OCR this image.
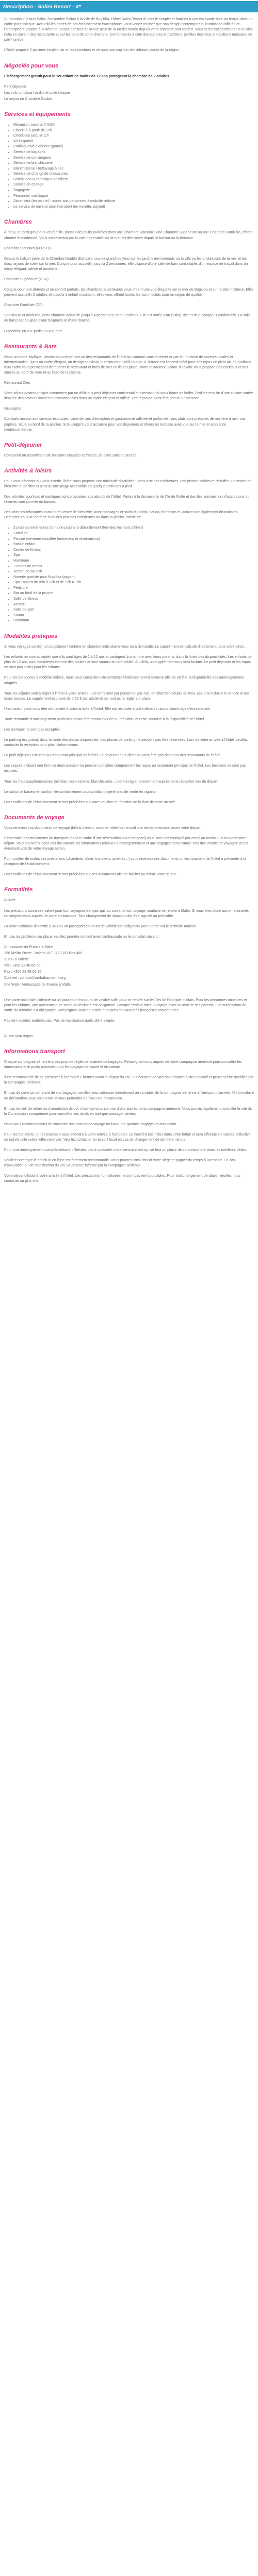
Description - Salini Resort - 4*

Surplombant le lacs Salini, l'ensemble Salina à la ville de Bugibba, l'hôtel Salini Resort 4* tient le couplet et familles à une escapade hors du temps dans un cadre paradisiaque. Accueilli les portes de cet établissement francophone, vous venez réaliser que son design contemporain, l'ambiance raffinée et l'atmosphère propice à la détente. Venez admirez de la vue azur de la Méditerranée depuis votre chambre tout confort. Vous serez enchantés par la cuisine riche en saveur des restaurants et par les bars de votre chambre. Confondez-la à coté des cultures et traditions, profitez des lieux et traditions maltaises de part-humide.

L'hôtel propose 2 piscines en plein air et les chambres et ne sont pas trop loin des infrastructures de la région.

Négociés pour vous

L'hébergement gratuit pour le 1er enfant de moins de 12 ans partageant la chambre de 2 adultes

Petit déjeuner

Les vols ou départ tardifs et suite chaque

Le séjour en Chambre Double

Services et équipements
• Réception ouverte 24h/24
• Check-in à partir de 15h
• Check-out jusqu'à 11h
• Wi-Fi gratuit
• Parking privé extérieur (gratuit)
• Service de bagages
• Service de conciergerie
• Service de blanchisserie
• Blanchisserie / nettoyage à sec
• Service de change de chaussures
• Distribution automatique de billets
• Service de change
• Bagagerie
• Personnel multilingue
• Ascenseur (en panne) - accès aux personnes à mobilité réduite
• Le service de navette pour l'aéroport (en navette, payant)
Chambres

À deux, en petit groupe ou en famille, passez des nuits paisibles dans une Chambre Standard, une Chambre Supérieure ou une Chambre Familiale, offrant charme et modernité. Vous serez séduit par la vue imprenable sur la mer Méditerranée depuis le balcon ou la terrasse.

Chambre Standard (FO-STD)

Depuis le balcon privé de la Chambre Double Standard, ouvrez grand les yeux sur les jardins environnants ou la ville ou les ondulations de la mer et les doux rayons de soleil sur la mer. Conçue pour accueillir jusqu'à 2 personnes, elle dispose d'une salle de bain confortable, d'un espace de travail dans un décor élégant, raffiné et moderne.

Chambre Supérieure (CSK)

Conçue pour une détente et un confort parfaits, les chambres Supérieures vous offrent une vue élégante sur la mer de Bugibba et sur la côte maltaise. Elles peuvent accueillir 2 adultes et jusqu'à 1 enfant maximum, elles vous offrent toutes les commodités pour un séjour de qualité.

Chambre Familiale (CF)

Spacieuse et moderne, cette chambre accueille jusqu'à 4 personnes, dont 2 enfants. Elle est dotée d'un lit king-size et d'un canapé-lit confortable. La salle de bains est équipée d'une baignoire et d'une douche.

Disponible en vue jardin ou vue mer.

Restaurants & Bars

Dans un cadre idyllique, laissez-vous tenter par un des restaurants de l'hôtel qui sauront vous émerveiller par leur cuisine de saveurs locales et internationales. Dans un cadre élégant, au design convivial, le restaurant Kaldi Lounge & Terrace est l'endroit idéal pour des repas en plein air, en profitant d'un cadre vous permettant d'emporter le restaurant et fruits de mer en lieu et place. Notre restaurant Gelato 'Il Tavolo' vous propose des cocktails et des snacks au bord de l'eau et au bord de la piscine.

Restaurant Cleo

Votre séjour gastronomique commence par un délicieux petit déjeuner continental et international sous forme de buffet. Profitez ensuite d'une cuisine variée inspirée des saveurs locales et internationales dans un cadre élégant et raffiné. Les repas peuvent être pris sur la terrasse.

Giuseppi's

Cocktails maison aux saveurs exotiques, carte de vins d'exception et gastronomie raffinée et parfumée : nos plats sont préparés de manière à ravir vos papilles. Situé au bord de la piscine, le Giuseppi's vous accueille pour vos déjeuners et dîners en terrasse avec vue sur la mer et ambiance méditerranéenne.

Petit-déjeuner

Comprend un assortiment de boissons chaudes et froides, de plats salés et sucrés.

Activités & loisirs

Pour vous détendre ou vous divertir, l'hôtel vous propose une multitude d'activités : deux piscines extérieures, une piscine intérieure chauffée, un centre de bien-être et de fitness ainsi qu'une plage accessible en quelques minutes à pied.

Des activités sportives et nautiques sont proposées aux abords de l'hôtel. Partez à la découverte de l'île de Malte et des îles voisines lors d'excursions ou réservez une journée en bateau.

Des séances relaxantes dans notre centre de bien-être, avec massages et soins du corps, sauna, hammam et jacuzzi sont également disponibles. Détendez-vous au bord de l'une des piscines extérieures ou dans la piscine intérieure.

• 2 piscines extérieures dont une piscine à débordement (fermées les mois d'hiver)
• Solarium
• Piscine intérieure chauffée (entretiens et réservations)
• Bassin enfant
• Centre de fitness
• Spa
• Hammam
• 2 courts de tennis
• Terrain de squash
• Navette gratuite pour Bugibba (payant)
• Spa : ouvert de 09h à 12h et de 17h à 19h
• Pédicure
• Bar au bord de la piscine
• Salle de fitness
• Jacuzzi
• Salle de gym
• Sauna
• Hammam
Modalités pratiques

Si vous voyagez seul(e), un supplément tarifaire en chambre individuelle vous sera demandé. Le supplément est calculé directement dans votre devis.

Les enfants ne sont acceptés que s'ils sont âgés de 2 à 12 ans et partagent la chambre avec leurs parents, dans la limite des disponibilités. Les enfants de plus de 12 ans sont considérés comme des adultes et sont soumis au tarif adulte. Au-delà, un supplément vous sera facturé. Le petit déjeuner et les repas ne sont pas inclus pour les enfants.

Pour les personnes à mobilité réduite, nous vous conseillons de contacter l'établissement à l'avance afin de vérifier la disponibilité des aménagements adaptés.

Tous les séjours sont à régler à l'hôtel à votre arrivée. Les tarifs sont par personne, par nuit, en chambre double ou twin. Les prix incluent le service et les taxes locales. Le supplément éco-taxe de 0,50 € par adulte et par nuit est à régler sur place.

Une caution peut vous être demandée à votre arrivée à l'hôtel. Elle est restituée à votre départ si aucun dommage n'est constaté.

Toute demande d'aménagement particulier devra être communiquée au préalable et reste soumise à la disponibilité de l'hôtel.

Les animaux ne sont pas acceptés.

Le parking est gratuit, dans la limite des places disponibles. Les places de parking ne peuvent pas être réservées. Lors de votre arrivée à l'hôtel, veuillez contacter la réception pour plus d'informations.

Le petit déjeuner est servi au restaurant principal de l'hôtel. Le déjeuner et le dîner peuvent être pris dans l'un des restaurants de l'hôtel.

Les séjours incluant une formule demi-pension ou pension complète comprennent les repas au restaurant principal de l'hôtel. Les boissons ne sont pas incluses.

Tous les frais supplémentaires (minibar, room service, blanchisserie...) sont à régler directement auprès de la réception lors du départ.

Le calcul se basera en conformité conformément aux conditions générales de vente en vigueur.

Les conditions de l'établissement seront précisées sur votre voucher en fonction de la date de votre arrivée.

Documents de voyage

Vous recevrez vos documents de voyage (billets d'avion, voucher hôtel) par e-mail une semaine environ avant votre départ.

L'ensemble des documents de transport (dans le cadre d'une réservation avec transport) vous sera communiqué par email au moins 7 jours avant votre départ. Vous trouverez dans ces documents les informations relatives à l'enregistrement et aux bagages dans l'email "Vos documents de voyages" et les éventuels vols de votre voyage aérien.

Pour profiter de toutes ces prestations (chambres, dîner, transferts, activités...) vous recevrez ces documents ou les vouchers de l'hôtel à présenter à la réception de l'établissement.

Les conditions de l'établissement seront précisées sur ces documents afin de faciliter au mieux votre séjour.

Formalités

Arrivée

Les précisions suivantes valent pour tout voyageur français qui, au cours de son voyage, souhaite se rendre à Malte. Si vous êtes d'une autre nationalité, renseignez-vous auprès de votre ambassade. Tout changement de situation doit être signalé au préalable.

La carte nationale d'identité (CNI) ou un passeport en cours de validité est obligatoire pour entrer sur le territoire maltais.

En cas de problème sur place, veuillez prendre contact avec l'ambassade ou le consulat suivant :

Ambassade de France à Malte

130 Melita Street - Valetta VLT 1123 PO Box 408

1123 La Valette

Tél : +356 22 48 06 00

Fax : +356 22 48 06 26

Courriel : contact@ambafrance-mt.org

Site Web : Ambassade de France à Malte

Une carte nationale d'identité ou un passeport en cours de validité suffit pour se rendre sur les îles de l'archipel maltais. Pour les personnes mineures et pour les enfants, une autorisation de sortie du territoire est obligatoire. Lorsque l'enfant mineur voyage avec un seul de ses parents, une autorisation de sortie du territoire est obligatoire. Renseignez-vous en mairie et auprès des autorités françaises compétentes.

Pas de maladies endémiques. Pas de vaccination particulière exigée.

Aucun visa requis.

Informations transport

Chaque compagnie aérienne a ses propres règles en matière de bagages. Renseignez-vous auprès de votre compagnie aérienne pour connaître les dimensions et le poids autorisés pour les bagages en soute et en cabine.

Il est recommandé de se présenter à l'aéroport 2 heures avant le départ du vol. Les horaires de vols sont donnés à titre indicatif et peuvent être modifiés par la compagnie aérienne.

En cas de perte ou de retard de vos bagages, veuillez vous adresser directement au comptoir de la compagnie aérienne à l'aéroport d'arrivée. Un formulaire de déclaration vous sera remis et vous permettra de faire une réclamation.

En cas de vol, de retard ou d'annulation de vol, informez-vous sur vos droits auprès de la compagnie aérienne. Vous pouvez également consulter le site de la Commission européenne pour connaître vos droits en tant que passager aérien.

Nous vous recommandons de souscrire une assurance voyage incluant une garantie bagages et annulation.

Pour les transferts, un représentant vous attendra à votre arrivée à l'aéroport. Le transfert est inclus dans votre forfait et sera effectué en navette collective ou individuelle selon l'offre réservée. Veuillez contacter le réceptif local en cas de changement de dernière minute.

Pour tout renseignement complémentaire, n'hésitez pas à contacter notre service client qui se fera un plaisir de vous répondre dans les meilleurs délais.

Veuillez noter que le check-in en ligne est fortement recommandé. Vous pourrez ainsi choisir votre siège et gagner du temps à l'aéroport. En cas d'annulation ou de modification du vol, vous serez informé par la compagnie aérienne.

Votre séjour débute à votre arrivée à l'hôtel. Les prestations non utilisées ne sont pas remboursables. Pour tout changement de dates, veuillez nous contacter au plus vite.
